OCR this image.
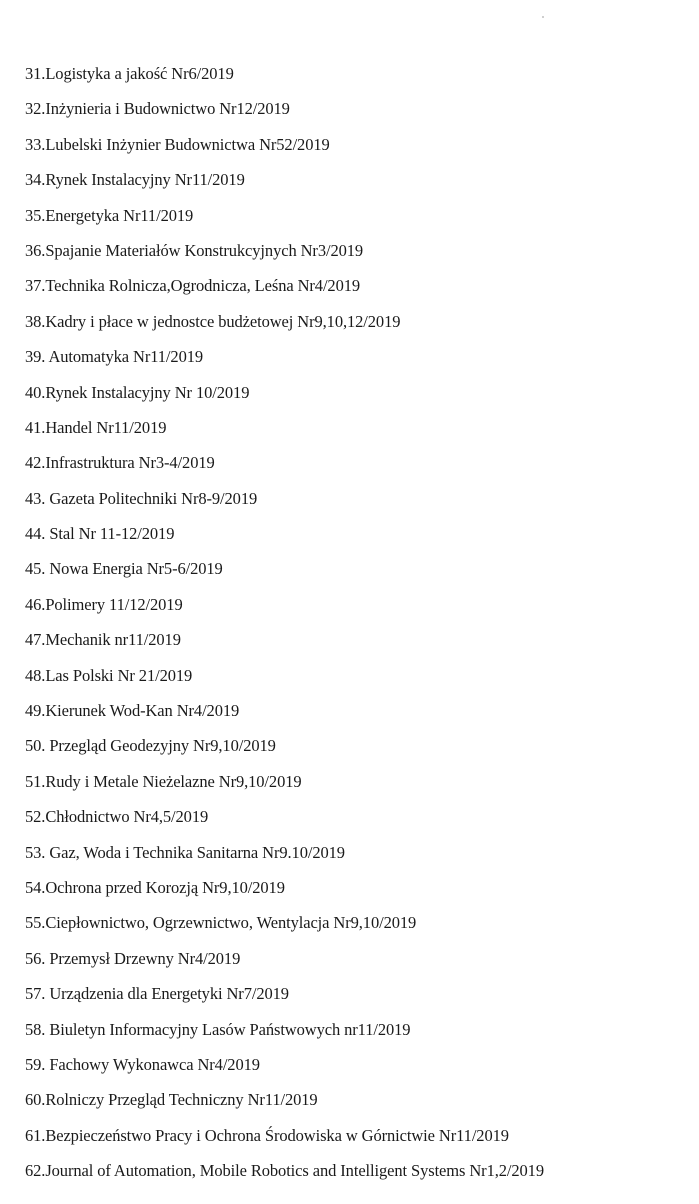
31.Logistyka a jakość Nr6/2019
32.Inżynieria i Budownictwo Nr12/2019
33.Lubelski Inżynier Budownictwa Nr52/2019
34.Rynek Instalacyjny Nr11/2019
35.Energetyka Nr11/2019
36.Spajanie Materiałów Konstrukcyjnych Nr3/2019
37.Technika Rolnicza,Ogrodnicza, Leśna Nr4/2019
38.Kadry i płace w jednostce budżetowej Nr9,10,12/2019
39. Automatyka Nr11/2019
40.Rynek Instalacyjny Nr 10/2019
41.Handel Nr11/2019
42.Infrastruktura Nr3-4/2019
43. Gazeta Politechniki Nr8-9/2019
44. Stal Nr 11-12/2019
45. Nowa Energia Nr5-6/2019
46.Polimery 11/12/2019
47.Mechanik nr11/2019
48.Las Polski Nr 21/2019
49.Kierunek Wod-Kan Nr4/2019
50. Przegląd Geodezyjny Nr9,10/2019
51.Rudy i Metale Nieżelazne Nr9,10/2019
52.Chłodnictwo Nr4,5/2019
53. Gaz, Woda i Technika Sanitarna Nr9.10/2019
54.Ochrona przed Korozją Nr9,10/2019
55.Ciepłownictwo, Ogrzewnictwo, Wentylacja Nr9,10/2019
56. Przemysł Drzewny Nr4/2019
57. Urządzenia dla Energetyki Nr7/2019
58. Biuletyn Informacyjny Lasów Państwowych nr11/2019
59. Fachowy Wykonawca Nr4/2019
60.Rolniczy Przegląd Techniczny Nr11/2019
61.Bezpieczeństwo Pracy i Ochrona Środowiska w Górnictwie Nr11/2019
62.Journal of Automation, Mobile Robotics and Intelligent Systems Nr1,2/2019
